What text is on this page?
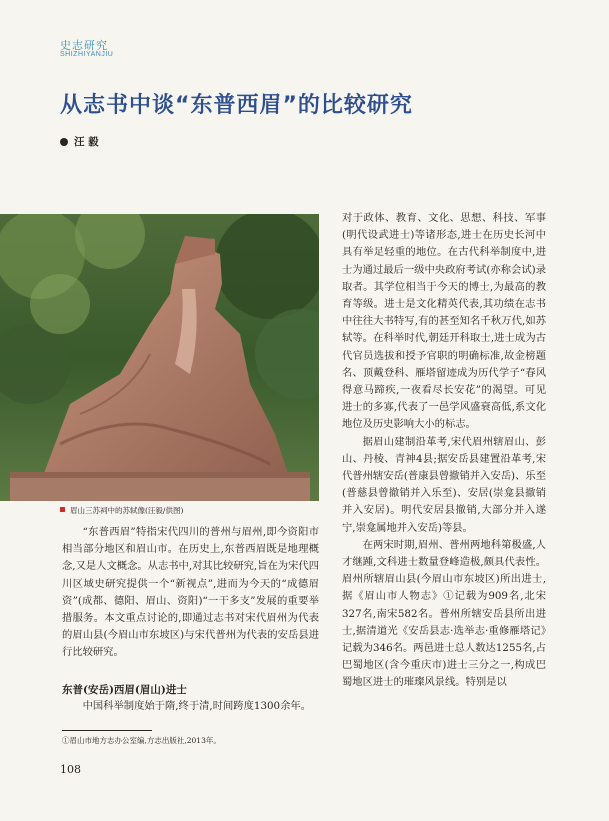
史志研究
SHIZHIYANJIU
从志书中谈“东普西眉”的比较研究
汪 毅
眉山三苏祠中的苏轼像(汪毅/供图)

“东普西眉”特指宋代四川的普州与眉州,即今资阳市相当部分地区和眉山市。在历史上,东普西眉既是地理概念,又是人文概念。从志书中,对其比较研究,旨在为宋代四川区域史研究提供一个“新视点”,进而为今天的“成德眉资”(成都、德阳、眉山、资阳)“一干多支”发展的重要举措服务。本文重点讨论的,即通过志书对宋代眉州为代表的眉山县(今眉山市东坡区)与宋代普州为代表的安岳县进行比较研究。

东普(安岳)西眉(眉山)进士
中国科举制度始于隋,终于清,时间跨度1300余年。

对于政体、教育、文化、思想、科技、军事(明代设武进士)等诸形态,进士在历史长河中具有举足轻重的地位。在古代科举制度中,进士为通过最后一级中央政府考试(亦称会试)录取者。其学位相当于今天的博士,为最高的教育等级。进士是文化精英代表,其功绩在志书中往往大书特写,有的甚至知名千秋万代,如苏轼等。在科举时代,朝廷开科取士,进士成为古代官员选拔和授予官职的明确标准,故金榜题名、顶戴登科、雁塔留迹成为历代学子“春风得意马蹄疾,一夜看尽长安花”的渴望。可见进士的多寡,代表了一邑学风盛衰高低,系文化地位及历史影响大小的标志。

据眉山建制沿革考,宋代眉州辖眉山、彭山、丹棱、青神4县;据安岳县建置沿革考,宋代普州辖安岳(普康县曾撤销并入安岳)、乐至(普慈县曾撤销并入乐至)、安居(崇龛县撤销并入安居)。明代安居县撤销,大部分并入遂宁,崇龛属地并入安岳)等县。

在两宋时期,眉州、普州两地科第极盛,人才继踵,文科进士数量登峰造极,颇具代表性。眉州所辖眉山县(今眉山市东坡区)所出进士,据《眉山市人物志》①记载为909名,北宋327名,南宋582名。普州所辖安岳县所出进士,据清道光《安岳县志·选举志·重修雁塔记》记载为346名。两邑进士总人数达1255名,占巴蜀地区(含今重庆市)进士三分之一,构成巴蜀地区进士的璀璨风景线。特别是以

①眉山市地方志办公室编,方志出版社,2013年。
108
